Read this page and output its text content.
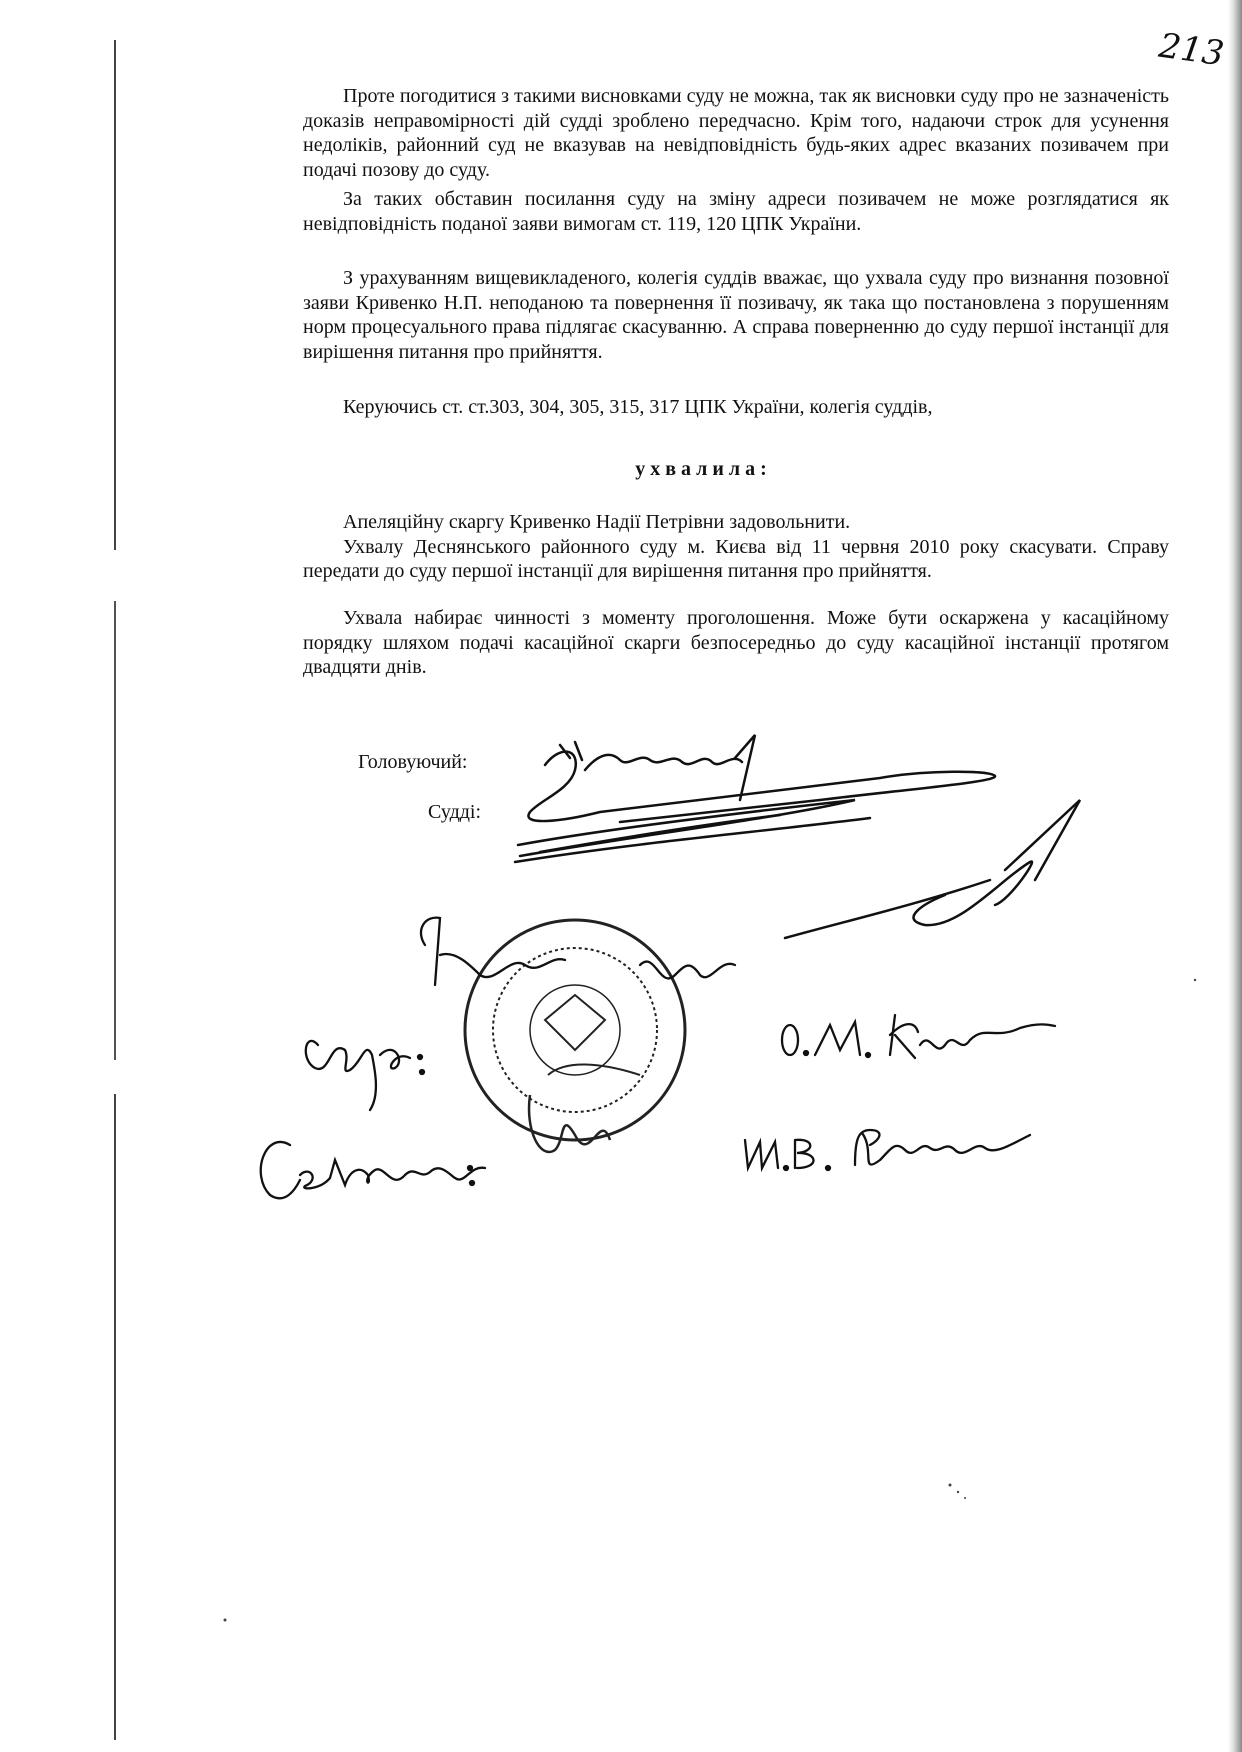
213

Проте погодитися з такими висновками суду не можна, так як висновки суду про не зазначеність доказів неправомірності дій судді зроблено передчасно. Крім того, надаючи строк для усунення недоліків, районний суд не вказував на невідповідність будь-яких адрес вказаних позивачем при подачі позову до суду.

За таких обставин посилання суду на зміну адреси позивачем не може розглядатися як невідповідність поданої заяви вимогам ст. 119, 120 ЦПК України.

З урахуванням вищевикладеного, колегія суддів вважає, що ухвала суду про визнання позовної заяви Кривенко Н.П. неподаною та повернення її позивачу, як така що постановлена з порушенням норм процесуального права підлягає скасуванню. А справа поверненню до суду першої інстанції для вирішення питання про прийняття.

Керуючись ст. ст.303, 304, 305, 315, 317 ЦПК України, колегія суддів,

ухвалила:

Апеляційну скаргу Кривенко Надії Петрівни задовольнити.

Ухвалу Деснянського районного суду м. Києва від 11 червня 2010 року скасувати. Справу передати до суду першої інстанції для вирішення питання про прийняття.

Ухвала набирає чинності з моменту проголошення. Може бути оскаржена у касаційному порядку шляхом подачі касаційної скарги безпосередньо до суду касаційної інстанції протягом двадцяти днів.

Головуючий:
Судді:
